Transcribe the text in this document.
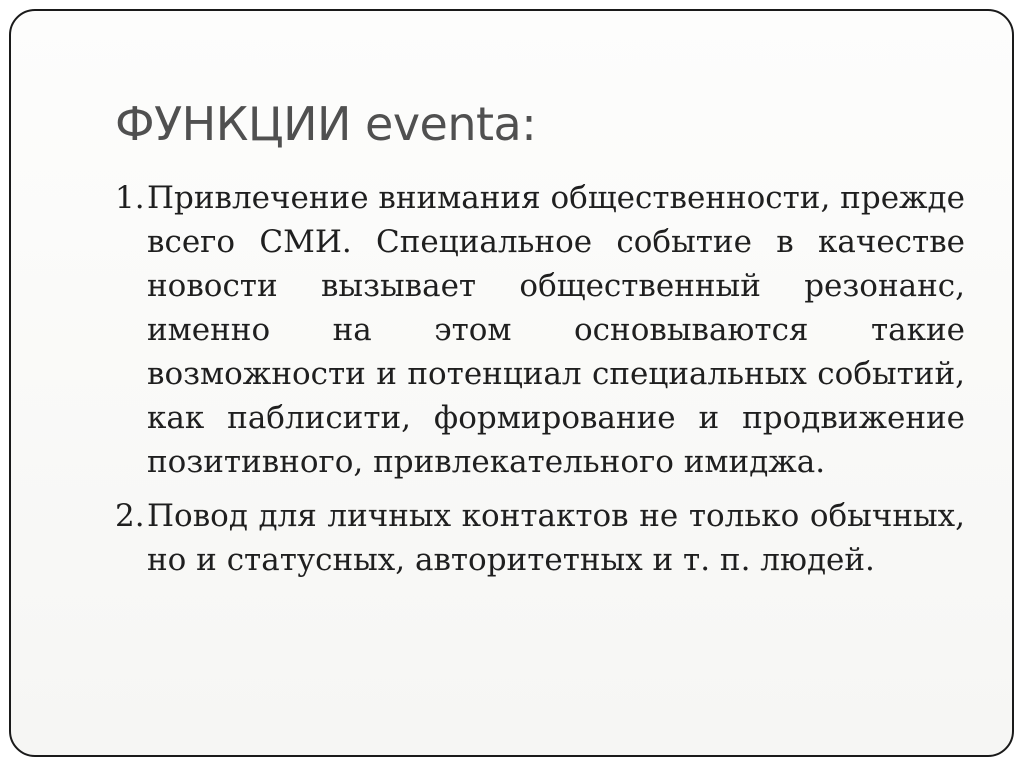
ФУНКЦИИ eventa:
1. Привлечение внимания общественности, прежде всего СМИ. Специальное событие в качестве новости вызывает общественный резонанс, именно на этом основываются такие возможности и потенциал специальных событий, как паблисити, формирование и продвижение позитивного, привлекательного имиджа.
2. Повод для личных контактов не только обычных, но и статусных, авторитетных и т. п. людей.
